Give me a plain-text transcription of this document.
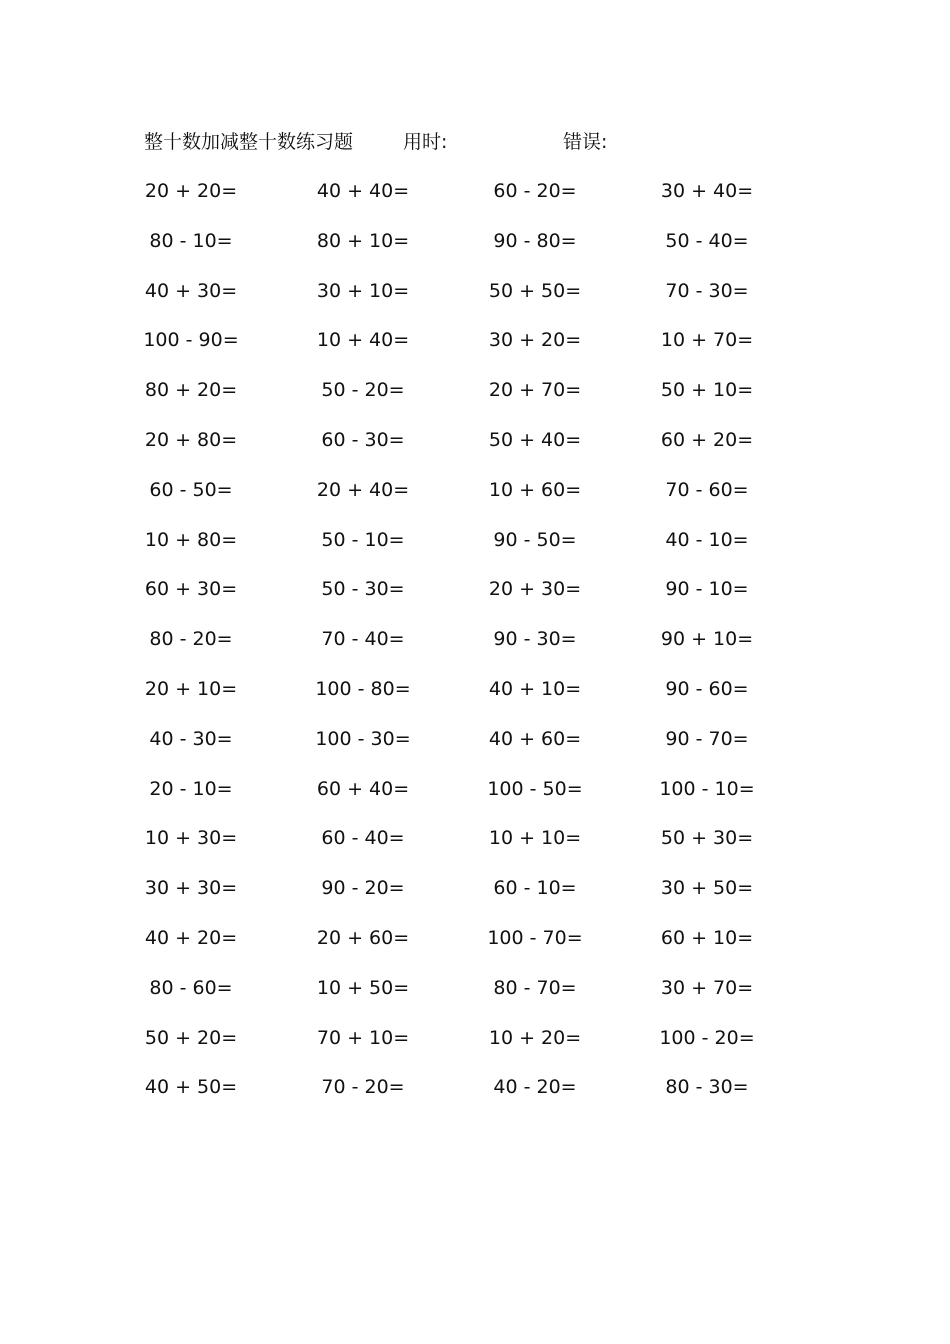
整十数加减整十数练习题	用时:	错误:
20 + 20=	40 + 40=	60 - 20=	30 + 40=
80 - 10=	80 + 10=	90 - 80=	50 - 40=
40 + 30=	30 + 10=	50 + 50=	70 - 30=
100 - 90=	10 + 40=	30 + 20=	10 + 70=
80 + 20=	50 - 20=	20 + 70=	50 + 10=
20 + 80=	60 - 30=	50 + 40=	60 + 20=
60 - 50=	20 + 40=	10 + 60=	70 - 60=
10 + 80=	50 - 10=	90 - 50=	40 - 10=
60 + 30=	50 - 30=	20 + 30=	90 - 10=
80 - 20=	70 - 40=	90 - 30=	90 + 10=
20 + 10=	100 - 80=	40 + 10=	90 - 60=
40 - 30=	100 - 30=	40 + 60=	90 - 70=
20 - 10=	60 + 40=	100 - 50=	100 - 10=
10 + 30=	60 - 40=	10 + 10=	50 + 30=
30 + 30=	90 - 20=	60 - 10=	30 + 50=
40 + 20=	20 + 60=	100 - 70=	60 + 10=
80 - 60=	10 + 50=	80 - 70=	30 + 70=
50 + 20=	70 + 10=	10 + 20=	100 - 20=
40 + 50=	70 - 20=	40 - 20=	80 - 30=
